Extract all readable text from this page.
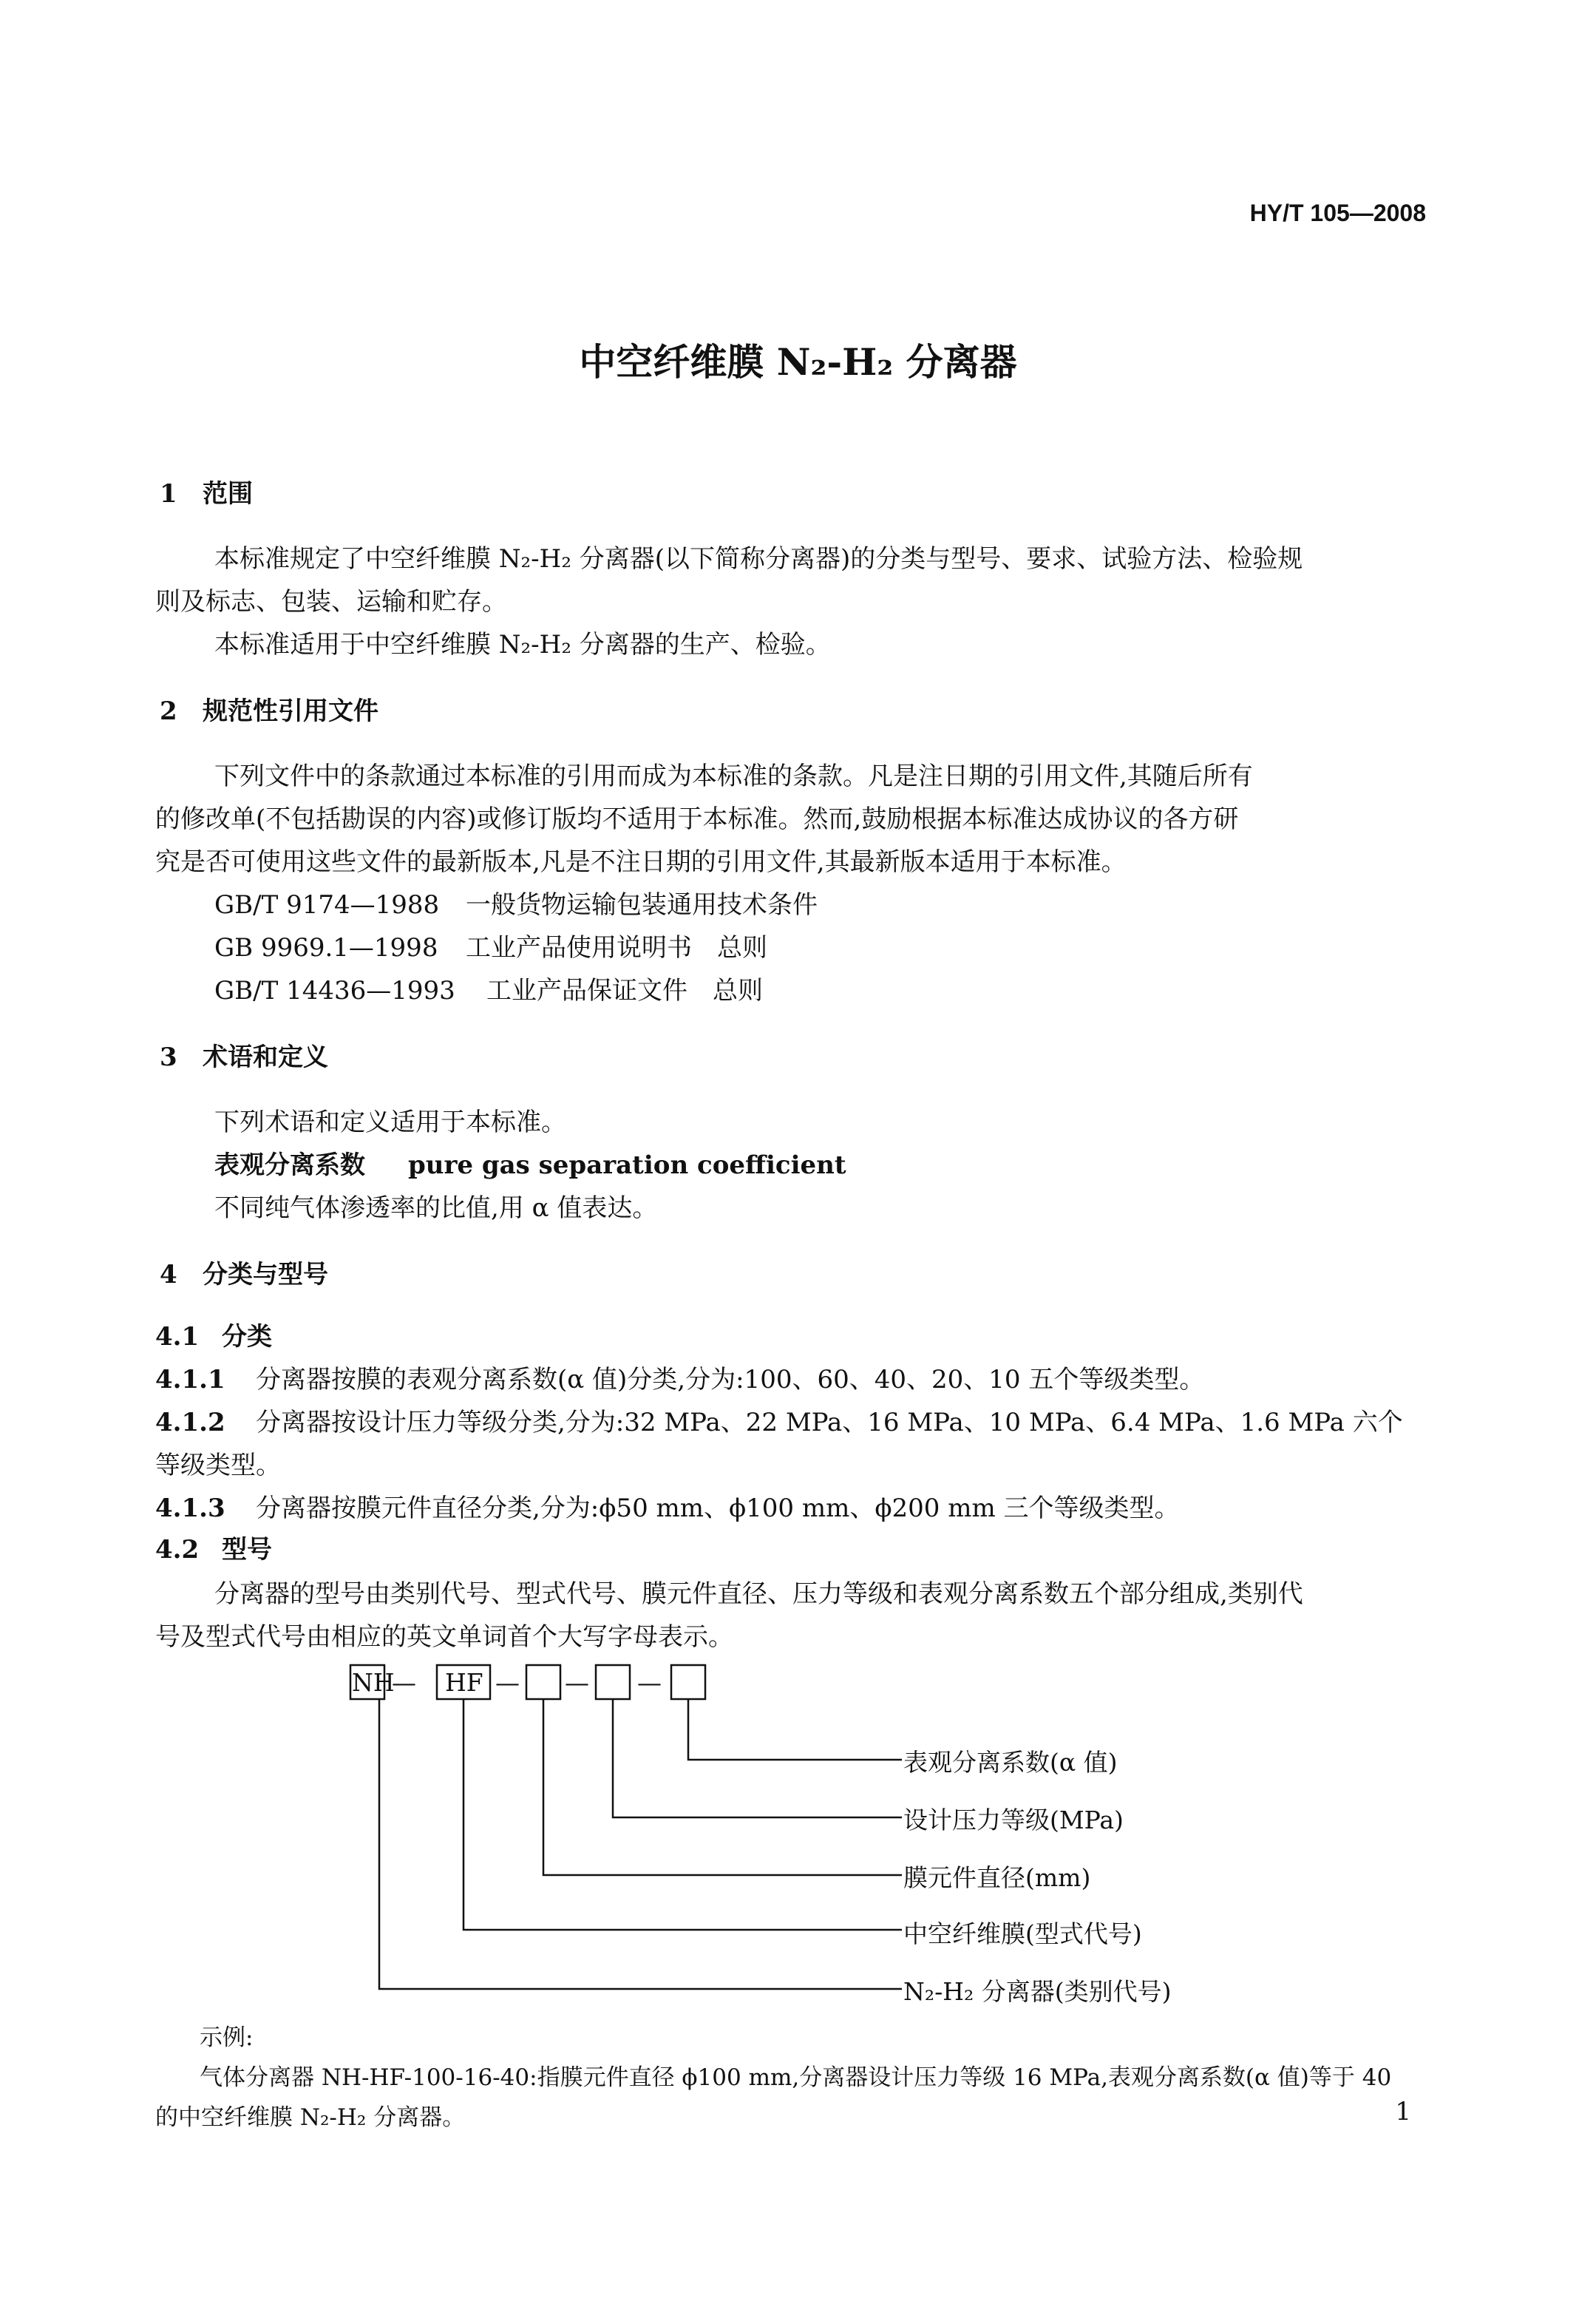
HY/T 105—2008
中空纤维膜 N₂-H₂ 分离器
1 范围
本标准规定了中空纤维膜 N₂-H₂ 分离器(以下简称分离器)的分类与型号、要求、试验方法、检验规
则及标志、包装、运输和贮存。
本标准适用于中空纤维膜 N₂-H₂ 分离器的生产、检验。
2 规范性引用文件
下列文件中的条款通过本标准的引用而成为本标准的条款。凡是注日期的引用文件,其随后所有
的修改单(不包括勘误的内容)或修订版均不适用于本标准。然而,鼓励根据本标准达成协议的各方研
究是否可使用这些文件的最新版本,凡是不注日期的引用文件,其最新版本适用于本标准。
GB/T 9174—1988 一般货物运输包装通用技术条件
GB 9969.1—1998 工业产品使用说明书　总则
GB/T 14436—1993 工业产品保证文件　总则
3 术语和定义
下列术语和定义适用于本标准。
表观分离系数 pure gas separation coefficient
不同纯气体渗透率的比值,用 α 值表达。
4 分类与型号
4.1 分类
4.1.1 分离器按膜的表观分离系数(α 值)分类,分为:100、60、40、20、10 五个等级类型。
4.1.2 分离器按设计压力等级分类,分为:32 MPa、22 MPa、16 MPa、10 MPa、6.4 MPa、1.6 MPa 六个
等级类型。
4.1.3 分离器按膜元件直径分类,分为:ϕ50 mm、ϕ100 mm、ϕ200 mm 三个等级类型。
4.2 型号
分离器的型号由类别代号、型式代号、膜元件直径、压力等级和表观分离系数五个部分组成,类别代
号及型式代号由相应的英文单词首个大写字母表示。
NH
— HF — — —
表观分离系数(α 值)
设计压力等级(MPa)
膜元件直径(mm)
中空纤维膜(型式代号)
N₂-H₂ 分离器(类别代号)
示例:
气体分离器 NH-HF-100-16-40:指膜元件直径 ϕ100 mm,分离器设计压力等级 16 MPa,表观分离系数(α 值)等于 40
的中空纤维膜 N₂-H₂ 分离器。	1
